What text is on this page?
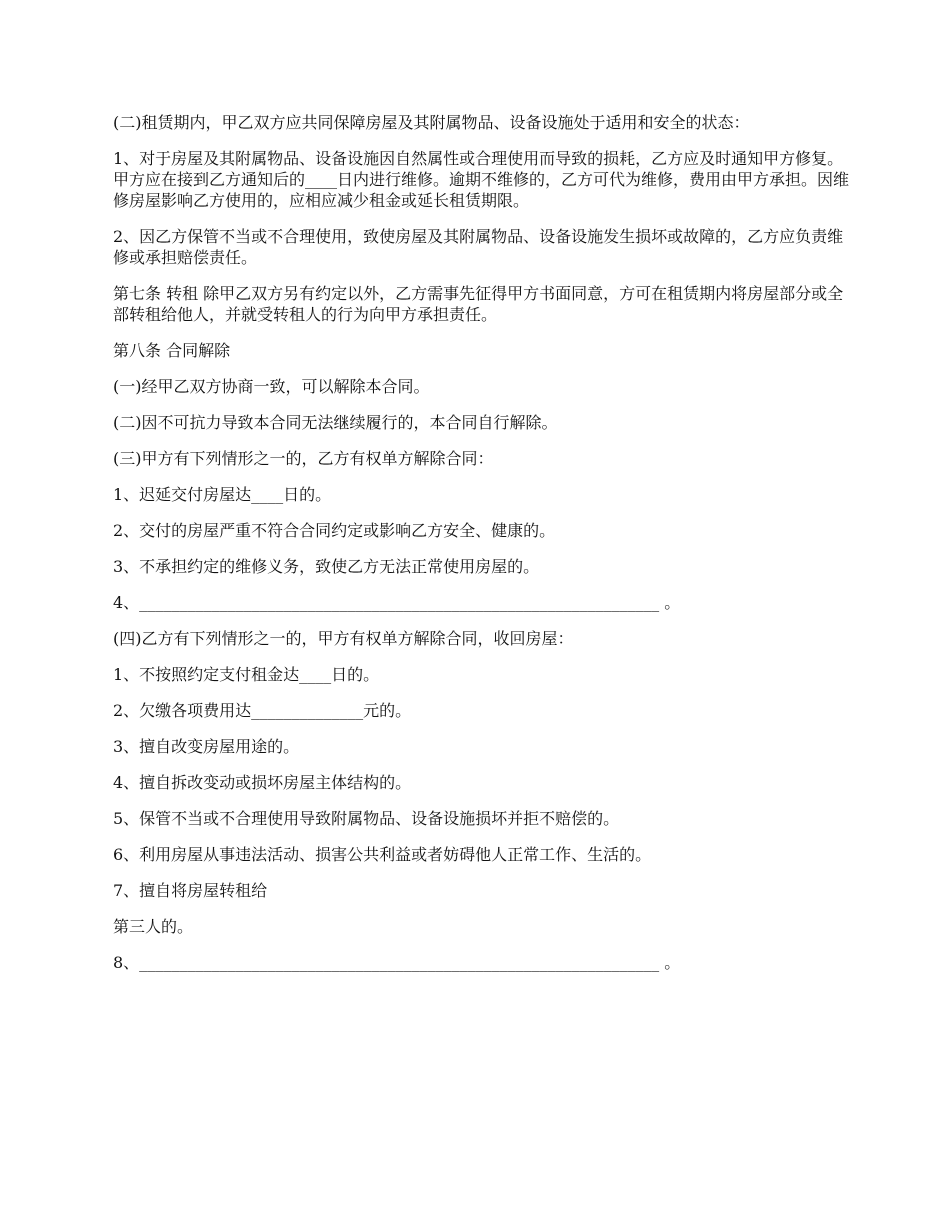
(二)租赁期内，甲乙双方应共同保障房屋及其附属物品、设备设施处于适用和安全的状态：

1、对于房屋及其附属物品、设备设施因自然属性或合理使用而导致的损耗，乙方应及时通知甲方修复。甲方应在接到乙方通知后的____日内进行维修。逾期不维修的，乙方可代为维修，费用由甲方承担。因维修房屋影响乙方使用的，应相应减少租金或延长租赁期限。

2、因乙方保管不当或不合理使用，致使房屋及其附属物品、设备设施发生损坏或故障的，乙方应负责维修或承担赔偿责任。

第七条 转租 除甲乙双方另有约定以外，乙方需事先征得甲方书面同意，方可在租赁期内将房屋部分或全部转租给他人，并就受转租人的行为向甲方承担责任。

第八条 合同解除

(一)经甲乙双方协商一致，可以解除本合同。

(二)因不可抗力导致本合同无法继续履行的，本合同自行解除。

(三)甲方有下列情形之一的，乙方有权单方解除合同：

1、迟延交付房屋达____日的。

2、交付的房屋严重不符合合同约定或影响乙方安全、健康的。

3、不承担约定的维修义务，致使乙方无法正常使用房屋的。

4、_________________________________________________________________ 。

(四)乙方有下列情形之一的，甲方有权单方解除合同，收回房屋：

1、不按照约定支付租金达____日的。

2、欠缴各项费用达______________元的。

3、擅自改变房屋用途的。

4、擅自拆改变动或损坏房屋主体结构的。

5、保管不当或不合理使用导致附属物品、设备设施损坏并拒不赔偿的。

6、利用房屋从事违法活动、损害公共利益或者妨碍他人正常工作、生活的。

7、擅自将房屋转租给

第三人的。

8、_________________________________________________________________ 。
